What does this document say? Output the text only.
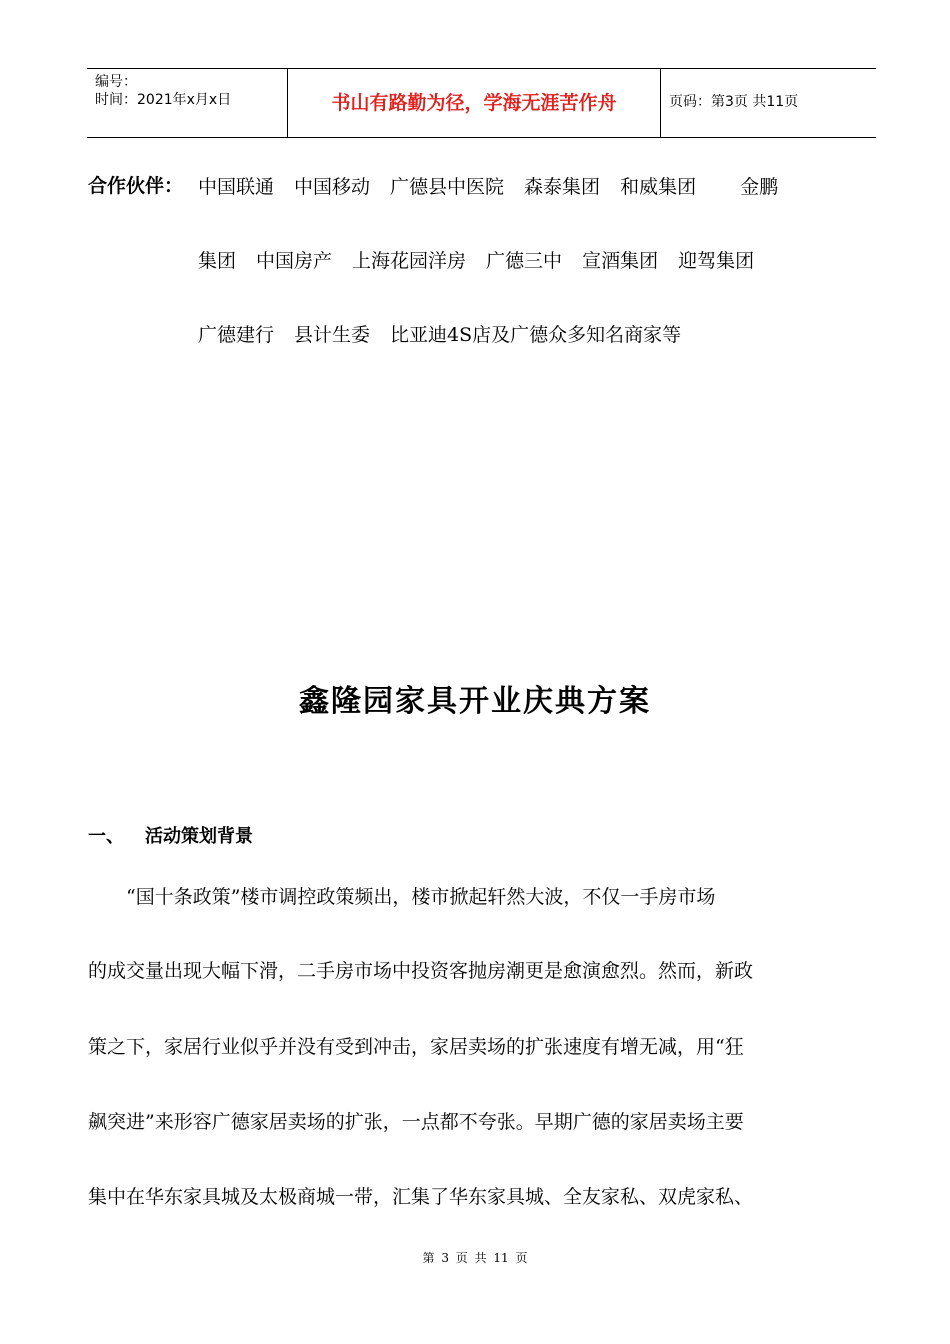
编号：
时间：2021年x月x日	书山有路勤为径，学海无涯苦作舟	页码：第3页 共11页
合作伙伴： 中国联通 中国移动 广德县中医院 森泰集团 和威集团 金鹏
集团 中国房产 上海花园洋房 广德三中 宣酒集团 迎驾集团
广德建行 县计生委 比亚迪4S店及广德众多知名商家等
鑫隆园家具开业庆典方案
一、 活动策划背景
“国十条政策”楼市调控政策频出，楼市掀起轩然大波，不仅一手房市场
的成交量出现大幅下滑，二手房市场中投资客抛房潮更是愈演愈烈。然而，新政
策之下，家居行业似乎并没有受到冲击，家居卖场的扩张速度有增无减，用“狂
飙突进”来形容广德家居卖场的扩张，一点都不夸张。早期广德的家居卖场主要
集中在华东家具城及太极商城一带，汇集了华东家具城、全友家私、双虎家私、
第 3 页 共 11 页
